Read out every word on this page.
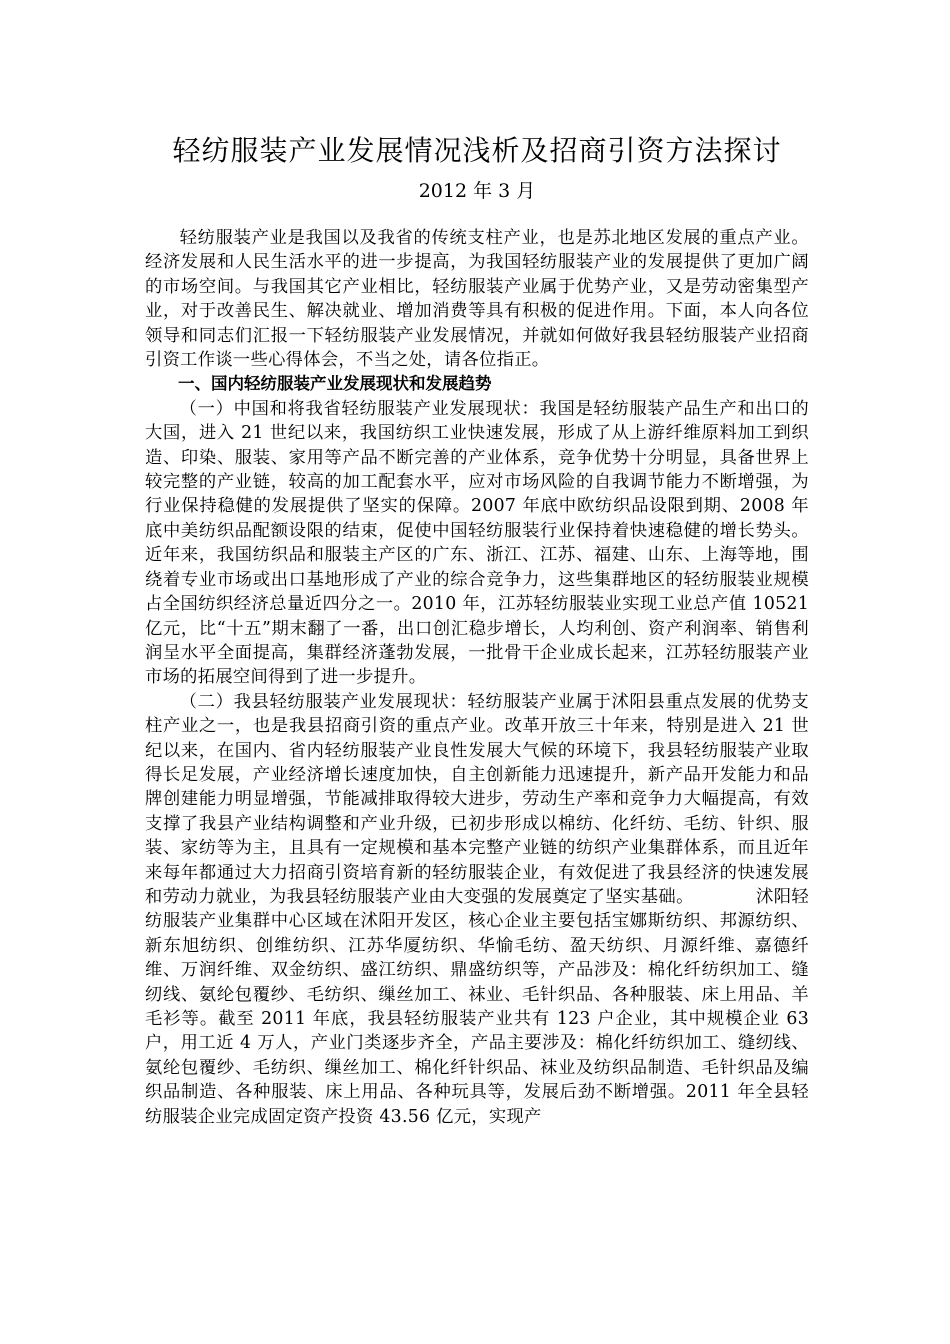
轻纺服装产业发展情况浅析及招商引资方法探讨
2012 年 3 月

轻纺服装产业是我国以及我省的传统支柱产业，也是苏北地区发展的重点产业。经济发展和人民生活水平的进一步提高，为我国轻纺服装产业的发展提供了更加广阔的市场空间。与我国其它产业相比，轻纺服装产业属于优势产业，又是劳动密集型产业，对于改善民生、解决就业、增加消费等具有积极的促进作用。下面，本人向各位领导和同志们汇报一下轻纺服装产业发展情况，并就如何做好我县轻纺服装产业招商引资工作谈一些心得体会，不当之处，请各位指正。

一、国内轻纺服装产业发展现状和发展趋势

（一）中国和将我省轻纺服装产业发展现状：我国是轻纺服装产品生产和出口的大国，进入 21 世纪以来，我国纺织工业快速发展，形成了从上游纤维原料加工到织造、印染、服装、家用等产品不断完善的产业体系，竞争优势十分明显，具备世界上较完整的产业链，较高的加工配套水平，应对市场风险的自我调节能力不断增强，为行业保持稳健的发展提供了坚实的保障。2007 年底中欧纺织品设限到期、2008 年底中美纺织品配额设限的结束，促使中国轻纺服装行业保持着快速稳健的增长势头。近年来，我国纺织品和服装主产区的广东、浙江、江苏、福建、山东、上海等地，围绕着专业市场或出口基地形成了产业的综合竞争力，这些集群地区的轻纺服装业规模占全国纺织经济总量近四分之一。2010 年，江苏轻纺服装业实现工业总产值 10521 亿元，比“十五”期末翻了一番，出口创汇稳步增长，人均利创、资产利润率、销售利润呈水平全面提高，集群经济蓬勃发展，一批骨干企业成长起来，江苏轻纺服装产业市场的拓展空间得到了进一步提升。

（二）我县轻纺服装产业发展现状：轻纺服装产业属于沭阳县重点发展的优势支柱产业之一，也是我县招商引资的重点产业。改革开放三十年来，特别是进入 21 世纪以来，在国内、省内轻纺服装产业良性发展大气候的环境下，我县轻纺服装产业取得长足发展，产业经济增长速度加快，自主创新能力迅速提升，新产品开发能力和品牌创建能力明显增强，节能减排取得较大进步，劳动生产率和竞争力大幅提高，有效支撑了我县产业结构调整和产业升级，已初步形成以棉纺、化纤纺、毛纺、针织、服装、家纺等为主，且具有一定规模和基本完整产业链的纺织产业集群体系，而且近年来每年都通过大力招商引资培育新的轻纺服装企业，有效促进了我县经济的快速发展和劳动力就业，为我县轻纺服装产业由大变强的发展奠定了坚实基础。　　　　沭阳轻纺服装产业集群中心区域在沭阳开发区，核心企业主要包括宝娜斯纺织、邦源纺织、新东旭纺织、创维纺织、江苏华厦纺织、华愉毛纺、盈天纺织、月源纤维、嘉德纤维、万润纤维、双金纺织、盛江纺织、鼎盛纺织等，产品涉及：棉化纤纺织加工、缝纫线、氨纶包覆纱、毛纺织、缫丝加工、袜业、毛针织品、各种服装、床上用品、羊毛衫等。截至 2011 年底，我县轻纺服装产业共有 123 户企业，其中规模企业 63 户，用工近 4 万人，产业门类逐步齐全，产品主要涉及：棉化纤纺织加工、缝纫线、氨纶包覆纱、毛纺织、缫丝加工、棉化纤针织品、袜业及纺织品制造、毛针织品及编织品制造、各种服装、床上用品、各种玩具等，发展后劲不断增强。2011 年全县轻纺服装企业完成固定资产投资 43.56 亿元，实现产
